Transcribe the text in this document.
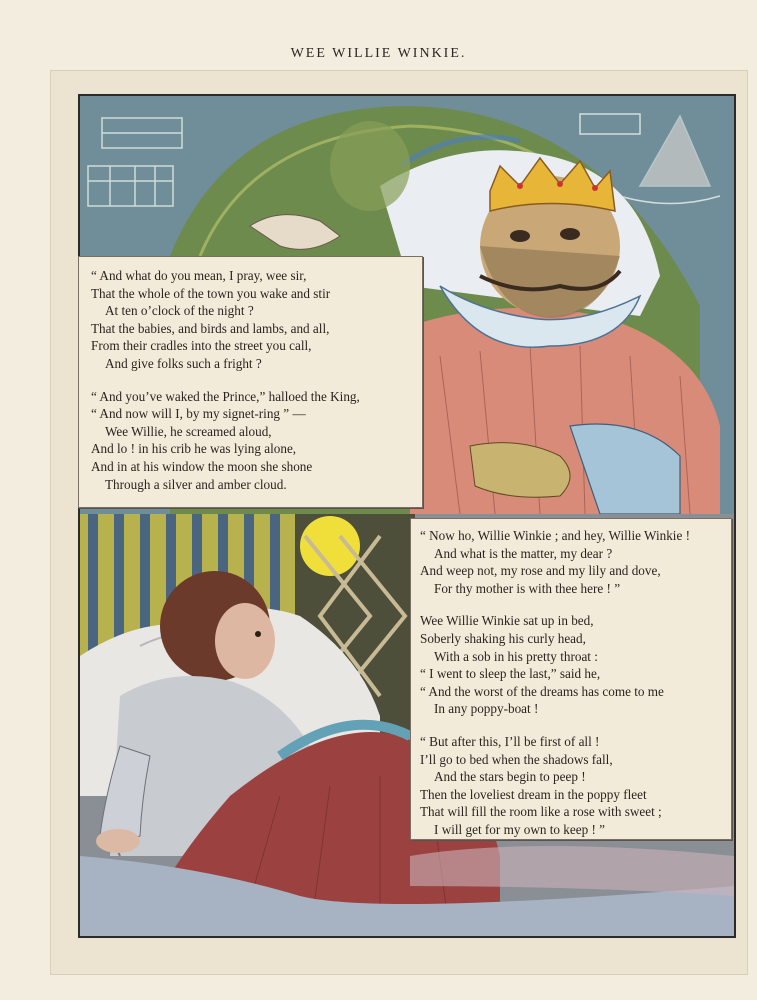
WEE WILLIE WINKIE.

“ And what do you mean, I pray, wee sir,

That the whole of the town you wake and stir

At ten o’clock of the night ?

That the babies, and birds and lambs, and all,

From their cradles into the street you call,

And give folks such a fright ?

“ And you’ve waked the Prince,” halloed the King,

“ And now will I, by my signet-ring ” —

Wee Willie, he screamed aloud,

And lo ! in his crib he was lying alone,

And in at his window the moon she shone

Through a silver and amber cloud.

“ Now ho, Willie Winkie ; and hey, Willie Winkie !

And what is the matter, my dear ?

And weep not, my rose and my lily and dove,

For thy mother is with thee here ! ”

Wee Willie Winkie sat up in bed,

Soberly shaking his curly head,

With a sob in his pretty throat :

“ I went to sleep the last,” said he,

“ And the worst of the dreams has come to me

In any poppy-boat !

“ But after this, I’ll be first of all !

I’ll go to bed when the shadows fall,

And the stars begin to peep !

Then the loveliest dream in the poppy fleet

That will fill the room like a rose with sweet ;

I will get for my own to keep ! ”
